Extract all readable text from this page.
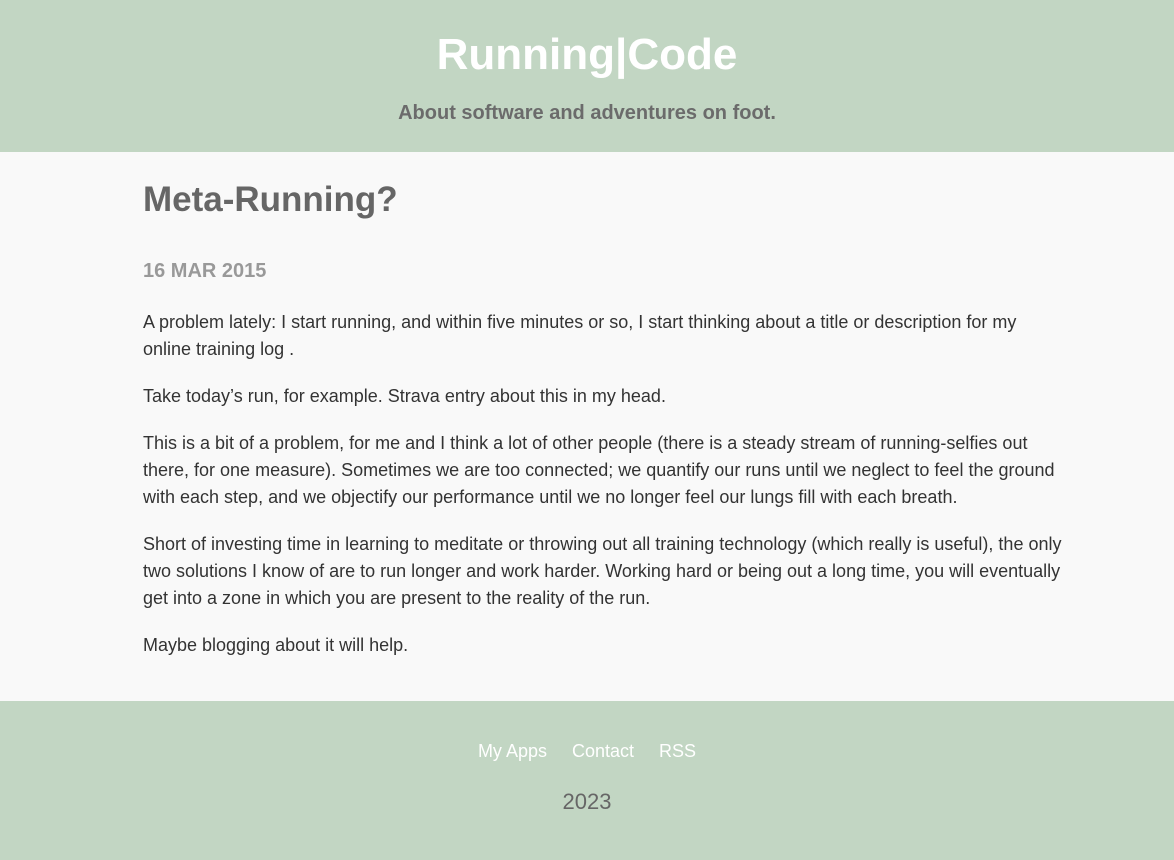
Running|Code

About software and adventures on foot.

Meta-Running?
16 MAR 2015

A problem lately: I start running, and within five minutes or so, I start thinking about a title or description for my online training log .

Take today’s run, for example. Strava entry about this in my head.

This is a bit of a problem, for me and I think a lot of other people (there is a steady stream of running-selfies out there, for one measure). Sometimes we are too connected; we quantify our runs until we neglect to feel the ground with each step, and we objectify our performance until we no longer feel our lungs fill with each breath.

Short of investing time in learning to meditate or throwing out all training technology (which really is useful), the only two solutions I know of are to run longer and work harder. Working hard or being out a long time, you will eventually get into a zone in which you are present to the reality of the run.

Maybe blogging about it will help.

My Apps Contact RSS
2023
